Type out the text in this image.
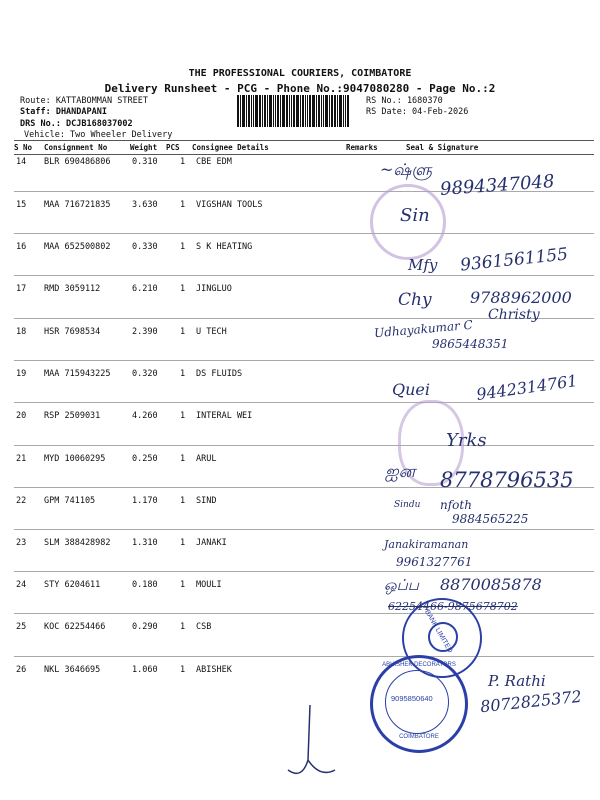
THE PROFESSIONAL COURIERS, COIMBATORE
Delivery Runsheet - PCG - Phone No.:9047080280 - Page No.:2
Route: KATTABOMMAN STREET
Staff: DHANDAPANI
DRS No.: DCJB168037002
Vehicle: Two Wheeler Delivery
RS No.: 1680370
RS Date: 04-Feb-2026
S No Consignment No	Weight PCS Consignee Details	Remarks	Seal & Signature
14 BLR 690486806	0.310	1 CBE EDM
15 MAA 716721835	3.630	1 VIGSHAN TOOLS
16 MAA 652500802	0.330	1 S K HEATING
17 RMD 3059112	6.210	1 JINGLUO
18 HSR 7698534	2.390	1 U TECH
19 MAA 715943225	0.320	1 DS FLUIDS
20 RSP 2509031	4.260	1 INTERAL WEI
21 MYD 10060295	0.250	1 ARUL
22 GPM 741105	1.170	1 SIND
23 SLM 388428982	1.310	1 JANAKI
24 STY 6204611	0.180	1 MOULI
25 KOC 62254466	0.290	1 CSB
26 NKL 3646695	1.060	1 ABISHEK
BANK LIMITED
9095850640
ABHISHEK DECORATORS
COIMBATORE
~ஷ்ளு
9894347048
Sin
Mfy 9361561155
Chy 9788962000
Christy
Udhayakumar C
9865448351
Quei	9442314761
Yrks
ஐன 8778796535
Sindu nfoth
9884565225
Janakiramanan
9961327761
ஒப்ப 8870085878
62254466-9875678702
P. Rathi
8072825372
